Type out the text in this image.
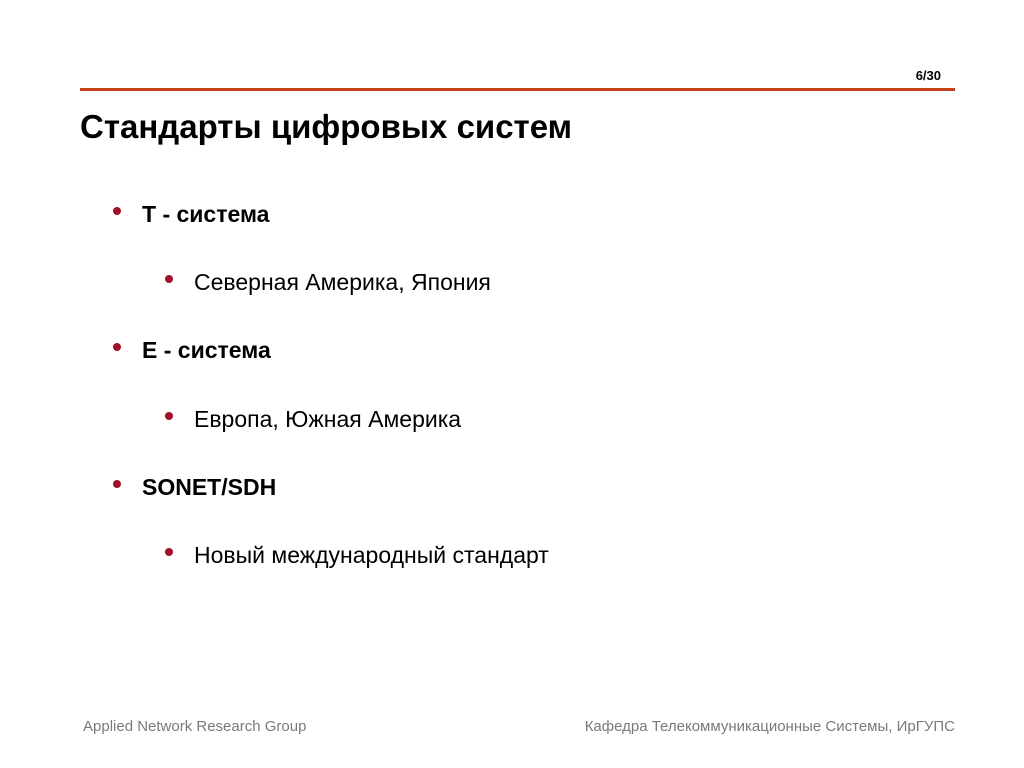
6/30
Стандарты цифровых систем
T - система
Северная Америка, Япония
E - система
Европа, Южная Америка
SONET/SDH
Новый международный стандарт
Applied Network Research Group	Кафедра Телекоммуникационные Системы, ИрГУПС
